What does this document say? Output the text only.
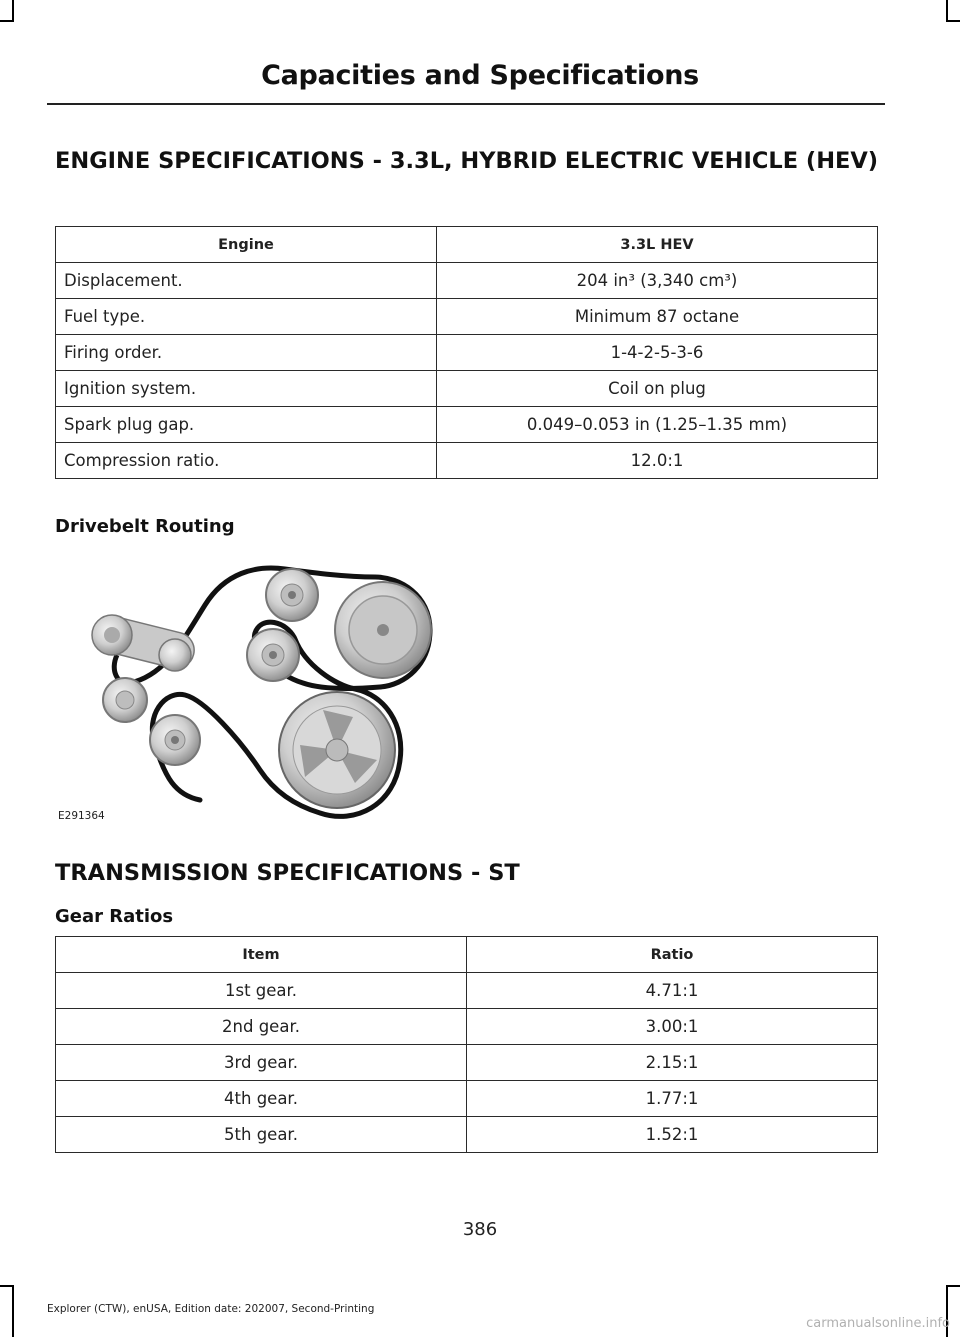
Capacities and Specifications
ENGINE SPECIFICATIONS - 3.3L, HYBRID ELECTRIC VEHICLE (HEV)
Engine	3.3L HEV
Displacement.	204 in³ (3,340 cm³)
Fuel type.	Minimum 87 octane
Firing order.	1-4-2-5-3-6
Ignition system.	Coil on plug
Spark plug gap.	0.049–0.053 in (1.25–1.35 mm)
Compression ratio.	12.0:1
Drivebelt Routing
E291364
TRANSMISSION SPECIFICATIONS - ST
Gear Ratios
Item	Ratio
1st gear.	4.71:1
2nd gear.	3.00:1
3rd gear.	2.15:1
4th gear.	1.77:1
5th gear.	1.52:1
386
Explorer (CTW), enUSA, Edition date: 202007, Second-Printing
carmanualsonline.info
